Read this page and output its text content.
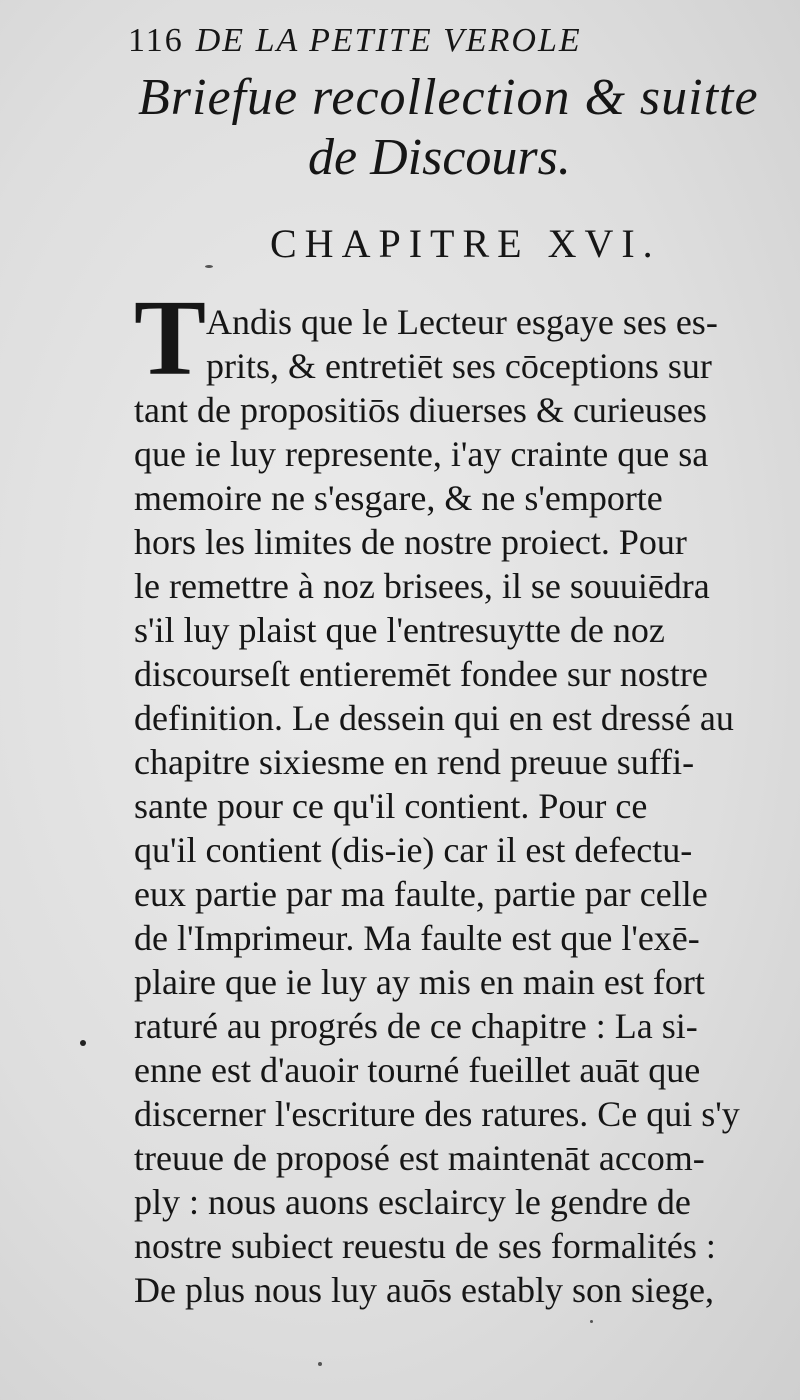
116 DE LA PETITE VEROLE
Briefue recollection & suitte
de Discours.
CHAPITRE XVI.
T Andis que le Lecteur esgaye ses es-
prits, & entretiēt ses cōceptions sur
tant de propositiōs diuerses & curieuses
que ie luy represente, i'ay crainte que sa
memoire ne s'esgare, & ne s'emporte
hors les limites de nostre proiect. Pour
le remettre à noz brisees, il se souuiēdra
s'il luy plaist que l'entresuytte de noz
discourseſt entieremēt fondee sur nostre
definition. Le dessein qui en est dressé au
chapitre sixiesme en rend preuue suffi-
sante pour ce qu'il contient. Pour ce
qu'il contient (dis-ie) car il est defectu-
eux partie par ma faulte, partie par celle
de l'Imprimeur. Ma faulte est que l'exē-
plaire que ie luy ay mis en main est fort
raturé au progrés de ce chapitre : La si-
enne est d'auoir tourné fueillet auāt que
discerner l'escriture des ratures. Ce qui s'y
treuue de proposé est maintenāt accom-
ply : nous auons esclaircy le gendre de
nostre subiect reuestu de ses formalités :
De plus nous luy auōs estably son siege,
